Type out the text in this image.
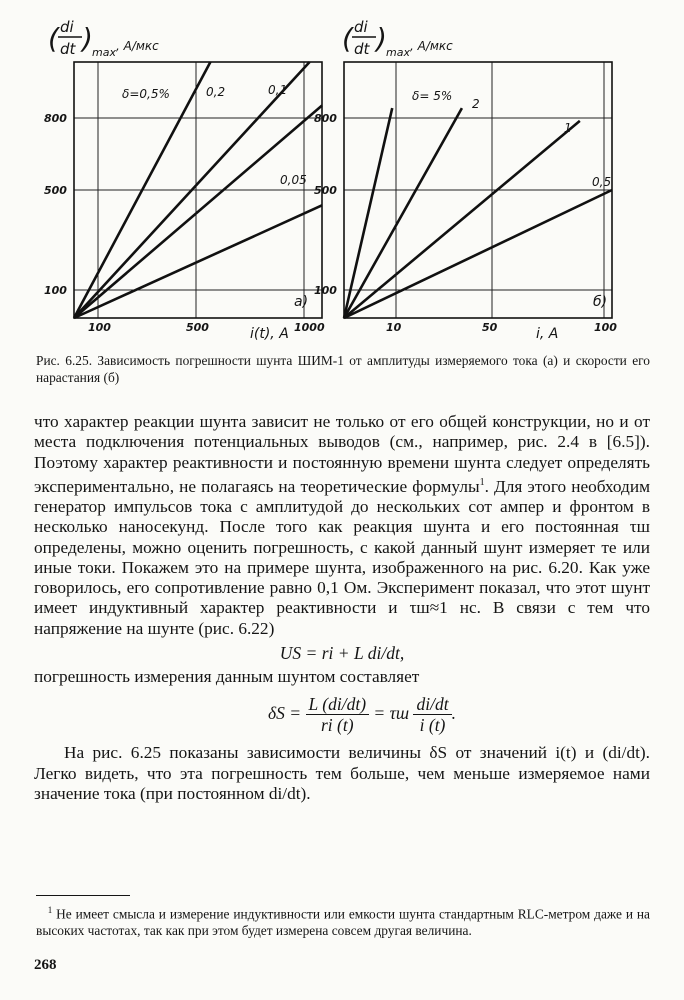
100
500
800
100	500	1000
δ=0,5%	0,2	0,1
0,05
( di
dt ) max , А/мкс
i(t), А
а)
100
500
800
10	50	100
δ= 5%
2
1
0,5
( di
dt ) max , А/мкс
i, А
б)
Рис. 6.25. Зависимость погрешности шунта ШИМ-1 от амплитуды измеряемого тока (а) и скорости его нарастания (б)

что характер реакции шунта зависит не только от его общей конструкции, но и от места подключения потенциальных выводов (см., например, рис. 2.4 в [6.5]). Поэтому характер реактивности и постоянную времени шунта следует определять экспериментально, не полагаясь на теоретические формулы$^1$. Для этого необходим генератор импульсов тока с амплитудой до нескольких сот ампер и фронтом в несколько наносекунд. После того как реакция шунта и его постоянная τш определены, можно оценить погрешность, с какой данный шунт измеряет те или иные токи. Покажем это на примере шунта, изображенного на рис. 6.20. Как уже говорилось, его сопротивление равно 0,1 Ом. Эксперимент показал, что этот шунт имеет индуктивный характер реактивности и τш≈1 нс. В связи с тем что напряжение на шунте (рис. 6.22)

US = ri + L di/dt,

погрешность измерения данным шунтом составляет

$\delta S = \frac{L (di/dt)}{ri (t)} = \tau ш \frac{di/dt}{i (t)}$ .

На рис. 6.25 показаны зависимости величины δS от значений i(t) и (di/dt). Легко видеть, что эта погрешность тем больше, чем меньше измеряемое нами значение тока (при постоянном di/dt).

$^1$ Не имеет смысла и измерение индуктивности или емкости шунта стандартным RLC-метром даже и на высоких частотах, так как при этом будет измерена совсем другая величина.
268
